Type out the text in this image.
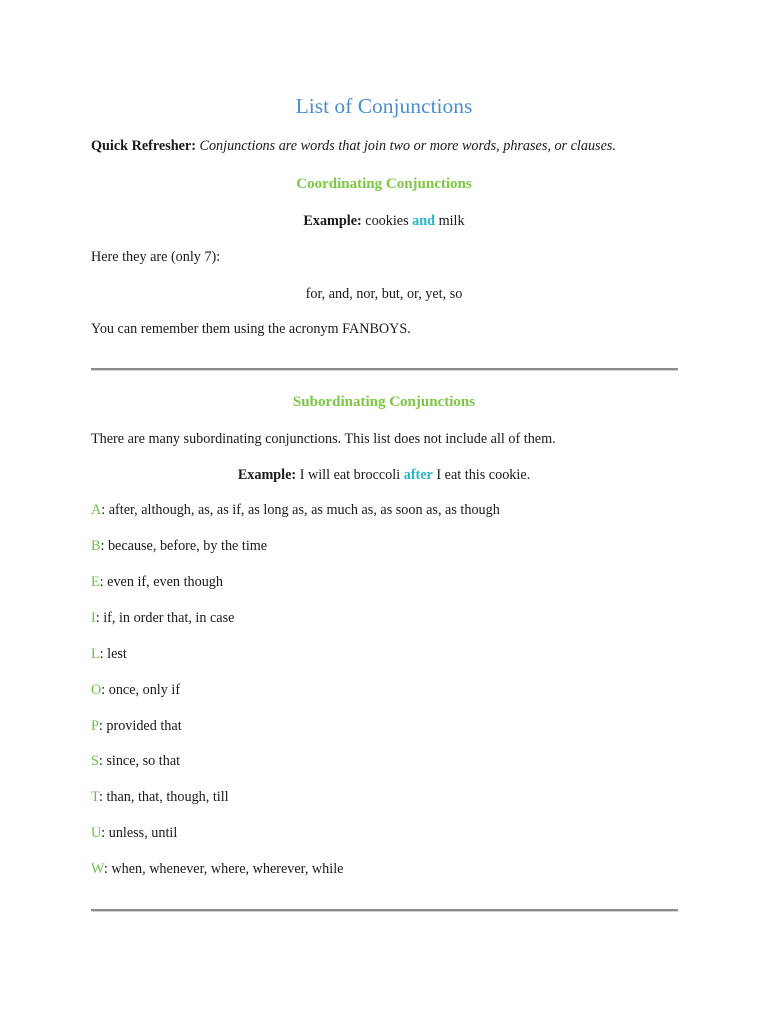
List of Conjunctions
Quick Refresher: Conjunctions are words that join two or more words, phrases, or clauses.
Coordinating Conjunctions
Example: cookies and milk
Here they are (only 7):
for, and, nor, but, or, yet, so
You can remember them using the acronym FANBOYS.
Subordinating Conjunctions
There are many subordinating conjunctions. This list does not include all of them.
Example: I will eat broccoli after I eat this cookie.
A: after, although, as, as if, as long as, as much as, as soon as, as though
B: because, before, by the time
E: even if, even though
I: if, in order that, in case
L: lest
O: once, only if
P: provided that
S: since, so that
T: than, that, though, till
U: unless, until
W: when, whenever, where, wherever, while
